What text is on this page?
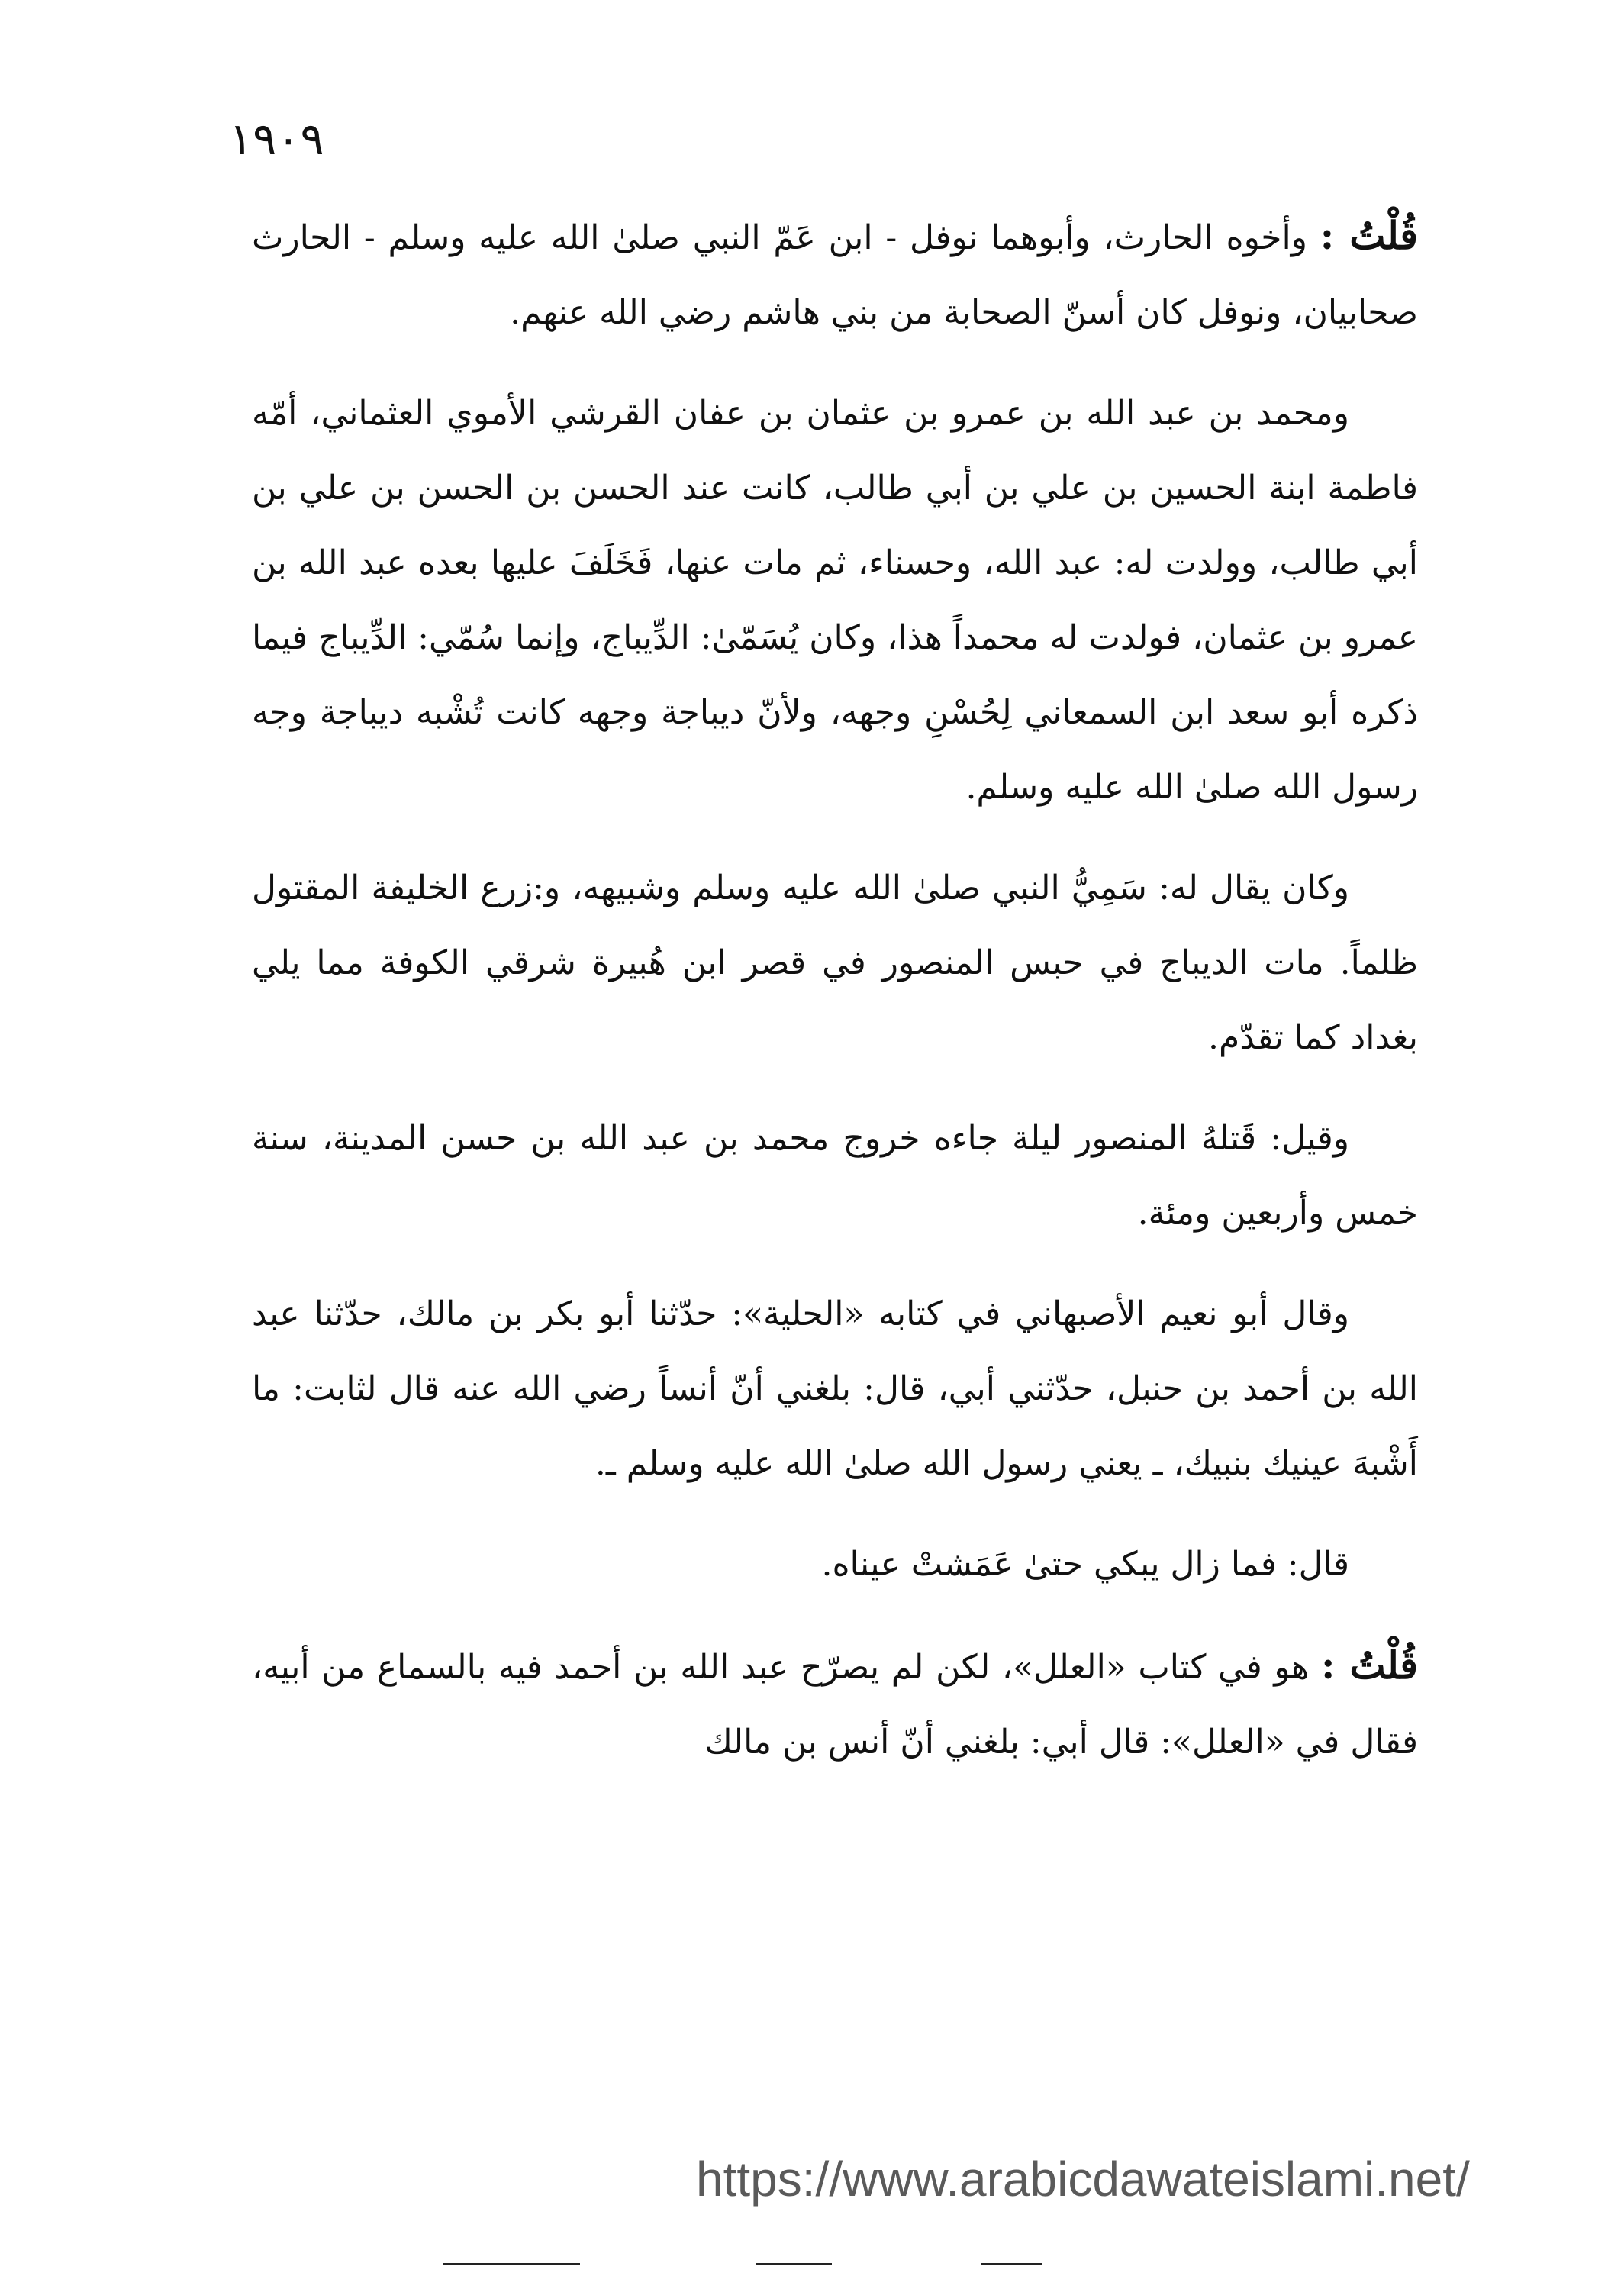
١٩٠٩

قُلْتُ : وأخوه الحارث، وأبوهما نوفل - ابن عَمّ النبي صلىٰ الله عليه وسلم - الحارث صحابيان، ونوفل كان أسنّ الصحابة من بني هاشم رضي الله عنهم.

ومحمد بن عبد الله بن عمرو بن عثمان بن عفان القرشي الأموي العثماني، أمّه فاطمة ابنة الحسين بن علي بن أبي طالب، كانت عند الحسن بن الحسن بن علي بن أبي طالب، وولدت له: عبد الله، وحسناء، ثم مات عنها، فَخَلَفَ عليها بعده عبد الله بن عمرو بن عثمان، فولدت له محمداً هذا، وكان يُسَمّىٰ: الدِّيباج، وإنما سُمّي: الدِّيباج فيما ذكره أبو سعد ابن السمعاني لِحُسْنِ وجهه، ولأنّ ديباجة وجهه كانت تُشْبه ديباجة وجه رسول الله صلىٰ الله عليه وسلم.

وكان يقال له: سَمِيُّ النبي صلىٰ الله عليه وسلم وشبيهه، و:زرع الخليفة المقتول ظلماً. مات الديباج في حبس المنصور في قصر ابن هُبيرة شرقي الكوفة مما يلي بغداد كما تقدّم.

وقيل: قَتلهُ المنصور ليلة جاءه خروج محمد بن عبد الله بن حسن المدينة، سنة خمس وأربعين ومئة.

وقال أبو نعيم الأصبهاني في كتابه «الحلية»: حدّثنا أبو بكر بن مالك، حدّثنا عبد الله بن أحمد بن حنبل، حدّثني أبي، قال: بلغني أنّ أنساً رضي الله عنه قال لثابت: ما أَشْبهَ عينيك بنبيك، ـ يعني رسول الله صلىٰ الله عليه وسلم ـ.

قال: فما زال يبكي حتىٰ عَمَشتْ عيناه.

قُلْتُ : هو في كتاب «العلل»، لكن لم يصرّح عبد الله بن أحمد فيه بالسماع من أبيه، فقال في «العلل»: قال أبي: بلغني أنّ أنس بن مالك

https://www.arabicdawateislami.net/
